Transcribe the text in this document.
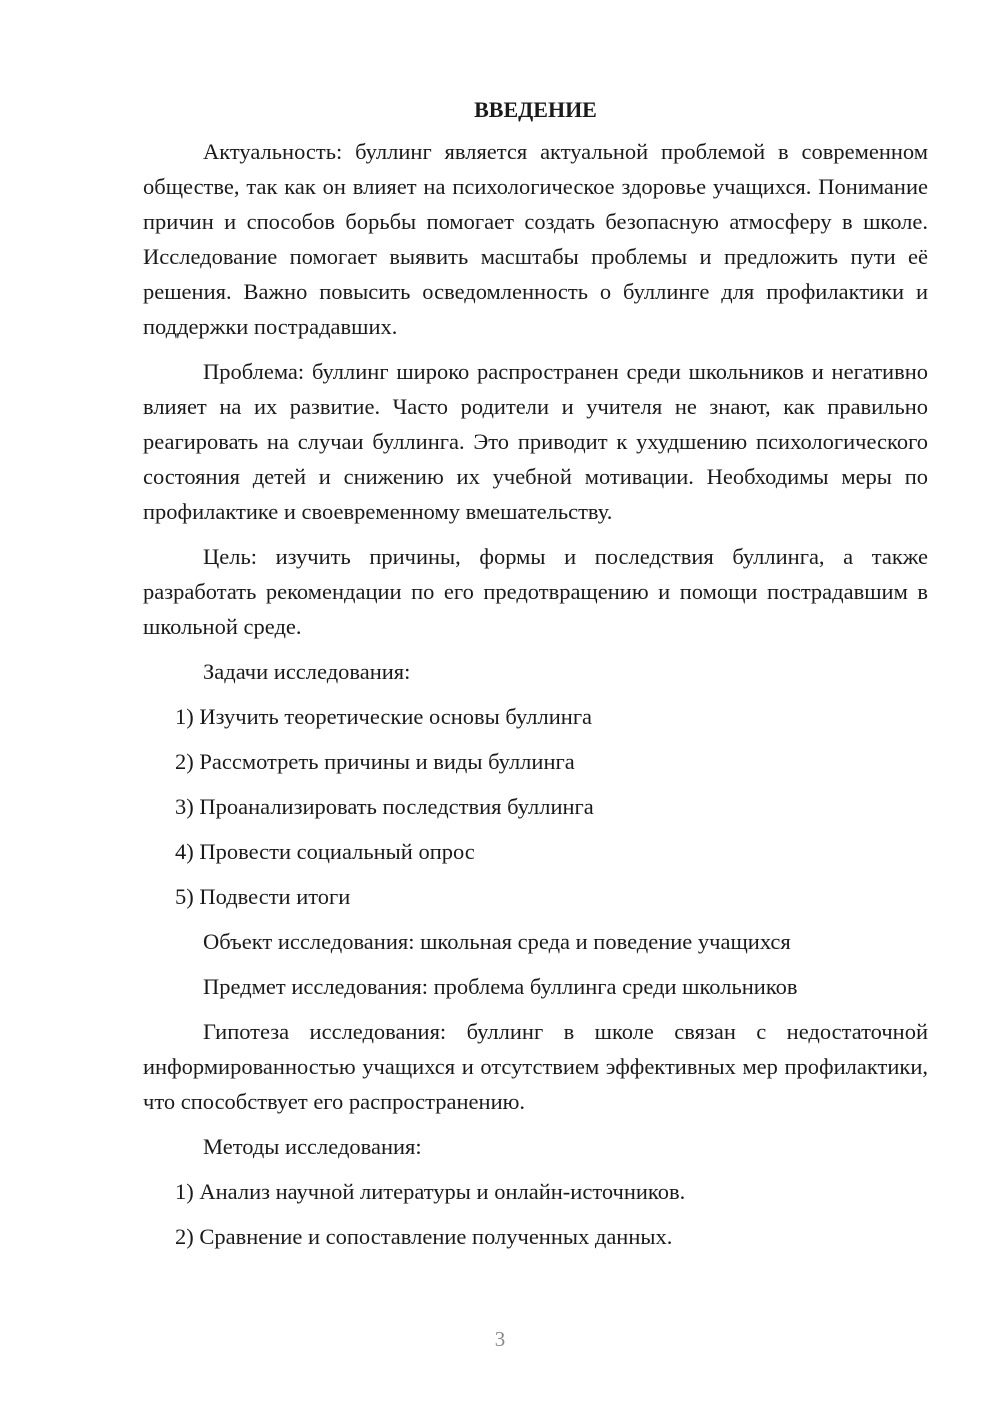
ВВЕДЕНИЕ

Актуальность: буллинг является актуальной проблемой в современном обществе, так как он влияет на психологическое здоровье учащихся. Понимание причин и способов борьбы помогает создать безопасную атмосферу в школе. Исследование помогает выявить масштабы проблемы и предложить пути её решения. Важно повысить осведомленность о буллинге для профилактики и поддержки пострадавших.

Проблема: буллинг широко распространен среди школьников и негативно влияет на их развитие. Часто родители и учителя не знают, как правильно реагировать на случаи буллинга. Это приводит к ухудшению психологического состояния детей и снижению их учебной мотивации. Необходимы меры по профилактике и своевременному вмешательству.

Цель: изучить причины, формы и последствия буллинга, а также разработать рекомендации по его предотвращению и помощи пострадавшим в школьной среде.

Задачи исследования:
1) Изучить теоретические основы буллинга
2) Рассмотреть причины и виды буллинга
3) Проанализировать последствия буллинга
4) Провести социальный опрос
5) Подвести итоги
Объект исследования: школьная среда и поведение учащихся
Предмет исследования: проблема буллинга среди школьников

Гипотеза исследования: буллинг в школе связан с недостаточной информированностью учащихся и отсутствием эффективных мер профилактики, что способствует его распространению.

Методы исследования:
1) Анализ научной литературы и онлайн-источников.
2) Сравнение и сопоставление полученных данных.
3
